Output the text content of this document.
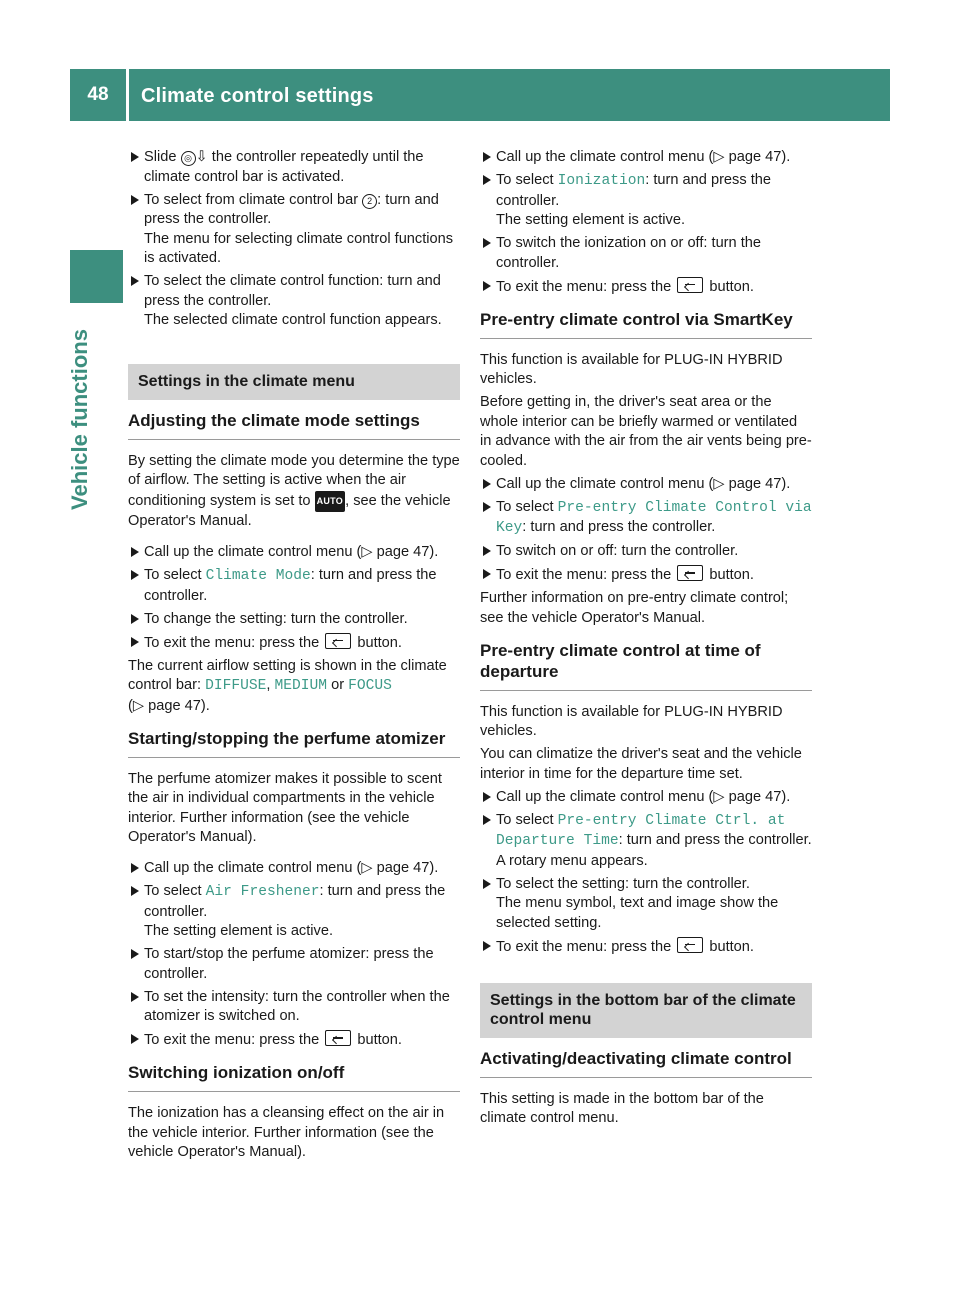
48	Climate control settings
Vehicle functions
Slide ◎ ⇩ the controller repeatedly until the climate control bar is activated.
To select from climate control bar 2 : turn and press the controller.
The menu for selecting climate control functions is activated.
To select the climate control function: turn and press the controller.
The selected climate control function appears.
Settings in the climate menu
Adjusting the climate mode settings
By setting the climate mode you determine the type of airflow. The setting is active when the air conditioning system is set to AUTO , see the vehicle Operator's Manual.
Call up the climate control menu (▷ page 47).
To select Climate Mode: turn and press the controller.
To change the setting: turn the controller.
To exit the menu: press the  button.
The current airflow setting is shown in the climate control bar: DIFFUSE, MEDIUM or FOCUS
(▷ page 47).
Starting/stopping the perfume atomizer
The perfume atomizer makes it possible to scent the air in individual compartments in the vehicle interior. Further information (see the vehicle Operator's Manual).
Call up the climate control menu (▷ page 47).
To select Air Freshener: turn and press the controller.
The setting element is active.
To start/stop the perfume atomizer: press the controller.
To set the intensity: turn the controller when the atomizer is switched on.
To exit the menu: press the  button.
Switching ionization on/off
The ionization has a cleansing effect on the air in the vehicle interior. Further information (see the vehicle Operator's Manual).
Call up the climate control menu (▷ page 47).
To select Ionization: turn and press the controller.
The setting element is active.
To switch the ionization on or off: turn the controller.
To exit the menu: press the  button.
Pre-entry climate control via SmartKey
This function is available for PLUG-IN HYBRID vehicles.
Before getting in, the driver's seat area or the whole interior can be briefly warmed or ventilated in advance with the air from the air vents being pre-cooled.
Call up the climate control menu (▷ page 47).
To select Pre-entry Climate Control via Key: turn and press the controller.
To switch on or off: turn the controller.
To exit the menu: press the  button.
Further information on pre-entry climate control; see the vehicle Operator's Manual.
Pre-entry climate control at time of departure
This function is available for PLUG-IN HYBRID vehicles.
You can climatize the driver's seat and the vehicle interior in time for the departure time set.
Call up the climate control menu (▷ page 47).
To select Pre-entry Climate Ctrl. at Departure Time: turn and press the controller.
A rotary menu appears.
To select the setting: turn the controller.
The menu symbol, text and image show the selected setting.
To exit the menu: press the  button.
Settings in the bottom bar of the climate control menu
Activating/deactivating climate control
This setting is made in the bottom bar of the climate control menu.
